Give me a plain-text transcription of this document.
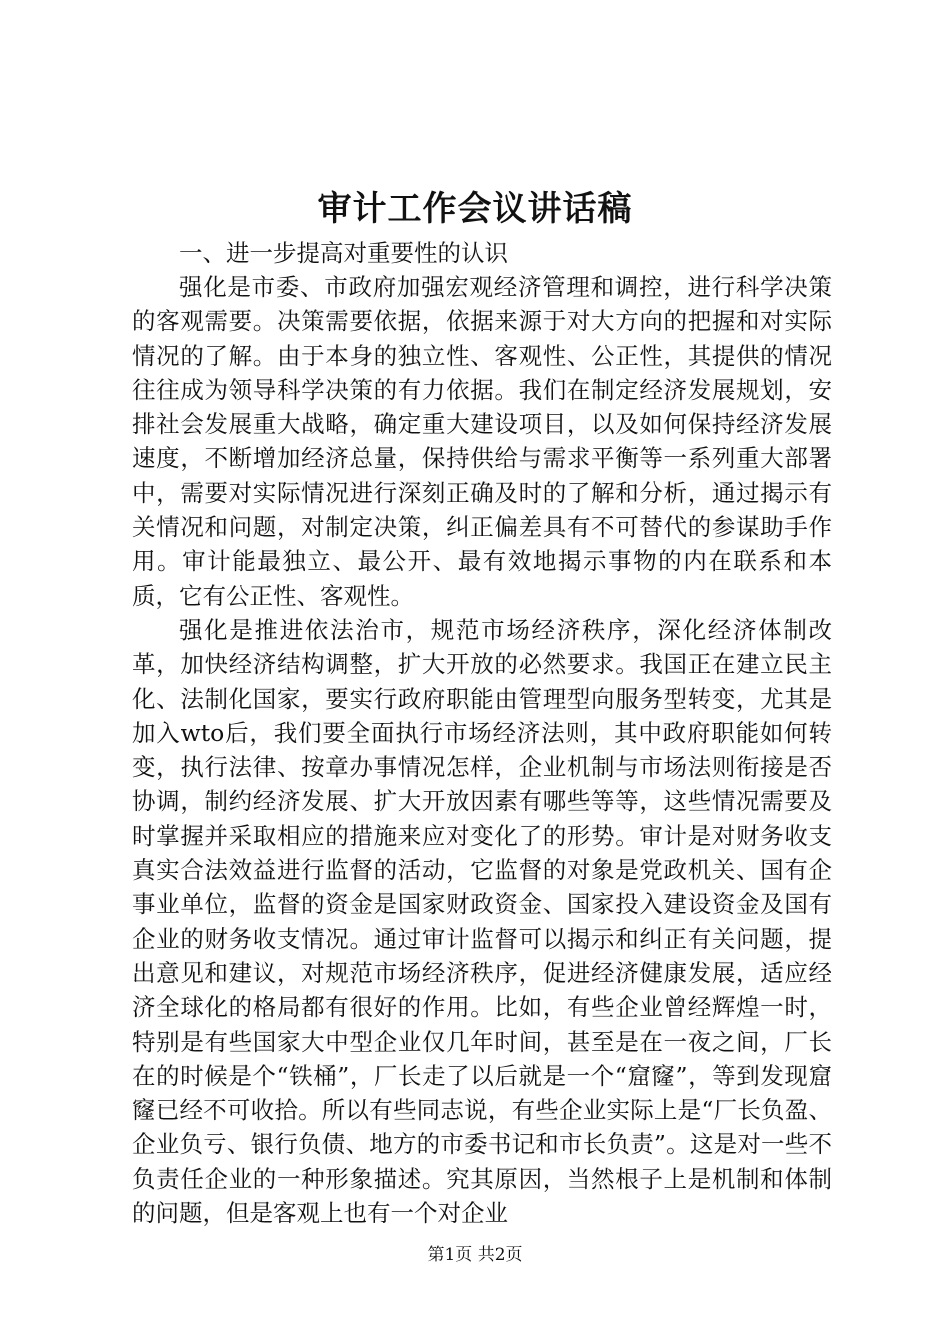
审计工作会议讲话稿
一、进一步提高对重要性的认识

强化是市委、市政府加强宏观经济管理和调控，进行科学决策的客观需要。决策需要依据，依据来源于对大方向的把握和对实际情况的了解。由于本身的独立性、客观性、公正性，其提供的情况往往成为领导科学决策的有力依据。我们在制定经济发展规划，安排社会发展重大战略，确定重大建设项目，以及如何保持经济发展速度，不断增加经济总量，保持供给与需求平衡等一系列重大部署中，需要对实际情况进行深刻正确及时的了解和分析，通过揭示有关情况和问题，对制定决策，纠正偏差具有不可替代的参谋助手作用。审计能最独立、最公开、最有效地揭示事物的内在联系和本质，它有公正性、客观性。

强化是推进依法治市，规范市场经济秩序，深化经济体制改革，加快经济结构调整，扩大开放的必然要求。我国正在建立民主化、法制化国家，要实行政府职能由管理型向服务型转变，尤其是加入wto后，我们要全面执行市场经济法则，其中政府职能如何转变，执行法律、按章办事情况怎样，企业机制与市场法则衔接是否协调，制约经济发展、扩大开放因素有哪些等等，这些情况需要及时掌握并采取相应的措施来应对变化了的形势。审计是对财务收支真实合法效益进行监督的活动，它监督的对象是党政机关、国有企事业单位，监督的资金是国家财政资金、国家投入建设资金及国有企业的财务收支情况。通过审计监督可以揭示和纠正有关问题，提出意见和建议，对规范市场经济秩序，促进经济健康发展，适应经济全球化的格局都有很好的作用。比如，有些企业曾经辉煌一时，特别是有些国家大中型企业仅几年时间，甚至是在一夜之间，厂长在的时候是个“铁桶”，厂长走了以后就是一个“窟窿”，等到发现窟窿已经不可收拾。所以有些同志说，有些企业实际上是“厂长负盈、企业负亏、银行负债、地方的市委书记和市长负责”。这是对一些不负责任企业的一种形象描述。究其原因，当然根子上是机制和体制的问题，但是客观上也有一个对企业

第1页 共2页
